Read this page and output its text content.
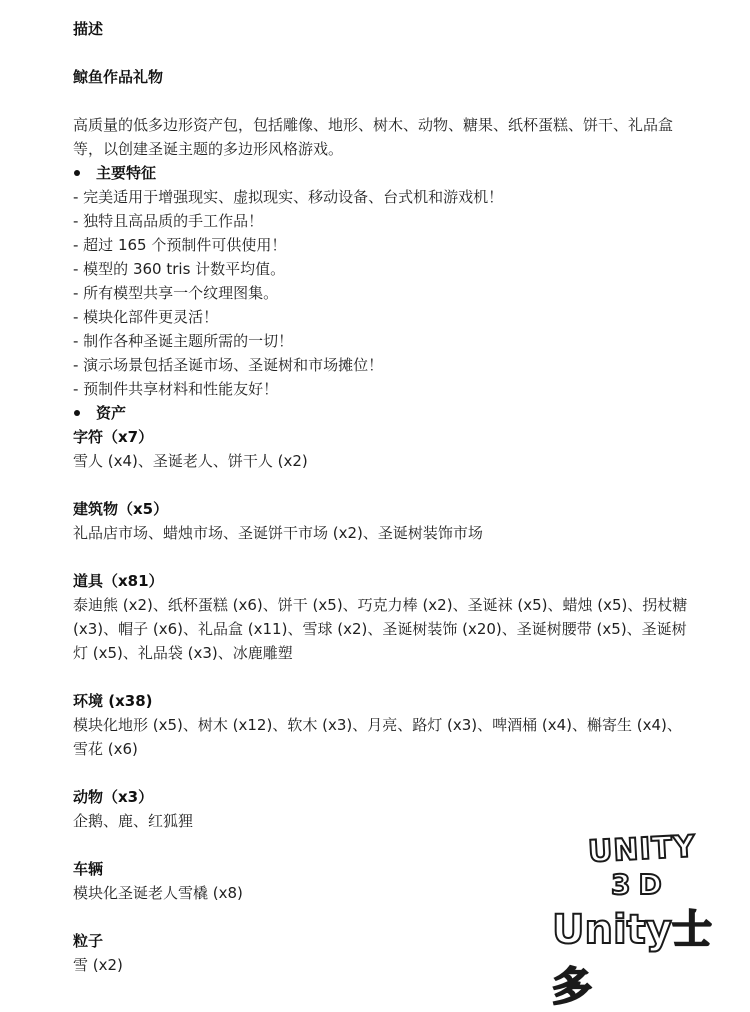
描述

鲸鱼作品礼物

高质量的低多边形资产包，包括雕像、地形、树木、动物、糖果、纸杯蛋糕、饼干、礼品盒等，以创建圣诞主题的多边形风格游戏。

主要特征

- 完美适用于增强现实、虚拟现实、移动设备、台式机和游戏机！

- 独特且高品质的手工作品！

- 超过 165 个预制件可供使用！

- 模型的 360 tris 计数平均值。

- 所有模型共享一个纹理图集。

- 模块化部件更灵活！

- 制作各种圣诞主题所需的一切！

- 演示场景包括圣诞市场、圣诞树和市场摊位！

- 预制件共享材料和性能友好！

资产

字符（x7）

雪人 (x4)、圣诞老人、饼干人 (x2)

建筑物（x5）

礼品店市场、蜡烛市场、圣诞饼干市场 (x2)、圣诞树装饰市场

道具（x81）

泰迪熊 (x2)、纸杯蛋糕 (x6)、饼干 (x5)、巧克力棒 (x2)、圣诞袜 (x5)、蜡烛 (x5)、拐杖糖 (x3)、帽子 (x6)、礼品盒 (x11)、雪球 (x2)、圣诞树装饰 (x20)、圣诞树腰带 (x5)、圣诞树灯 (x5)、礼品袋 (x3)、冰鹿雕塑

环境 (x38)

模块化地形 (x5)、树木 (x12)、软木 (x3)、月亮、路灯 (x3)、啤酒桶 (x4)、槲寄生 (x4)、雪花 (x6)

动物（x3）

企鹅、鹿、红狐狸

车辆

模块化圣诞老人雪橇 (x8)

粒子

雪 (x2)

UNITY
3D
Unity士多
